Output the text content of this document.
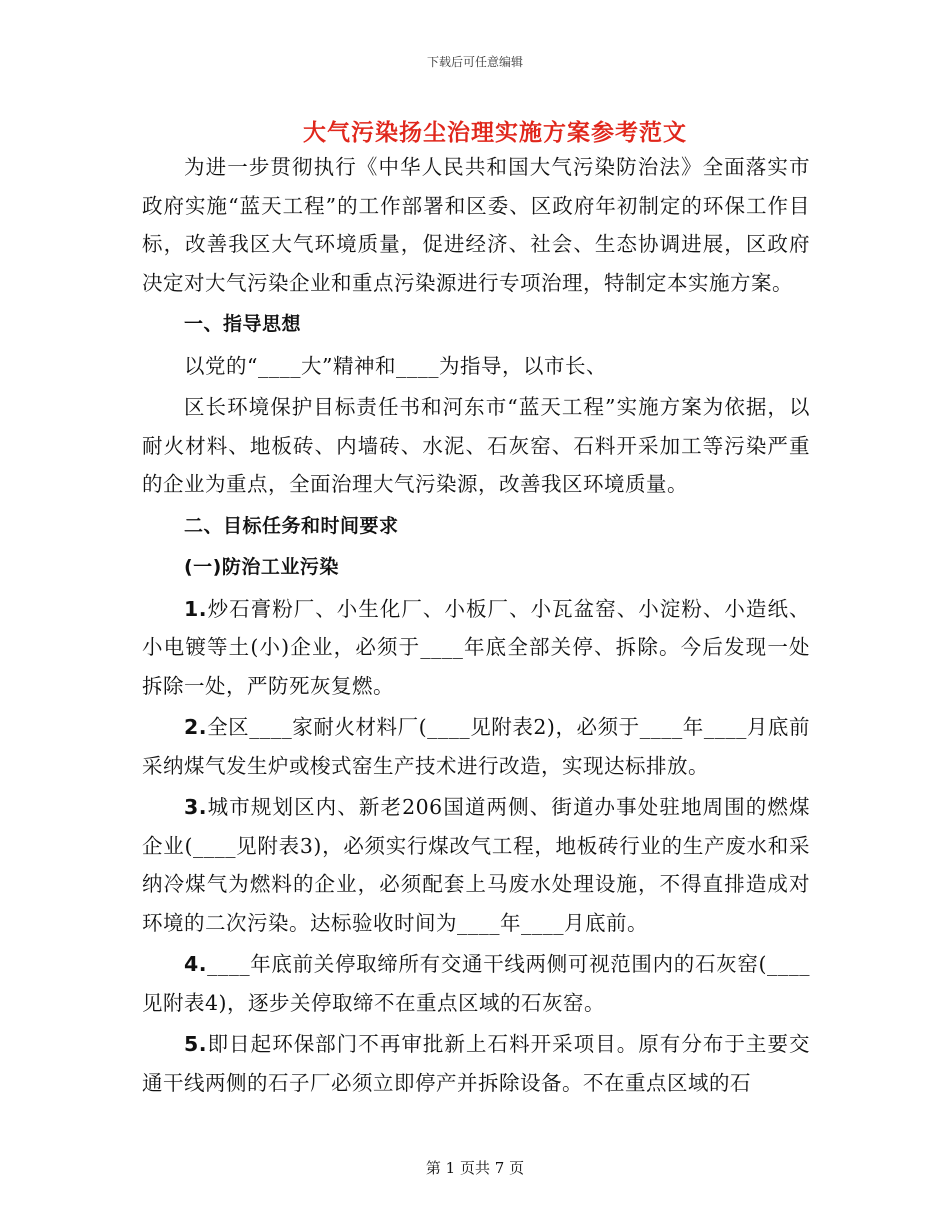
下载后可任意编辑
大气污染扬尘治理实施方案参考范文

为进一步贯彻执行《中华人民共和国大气污染防治法》全面落实市政府实施“蓝天工程”的工作部署和区委、区政府年初制定的环保工作目标，改善我区大气环境质量，促进经济、社会、生态协调进展，区政府决定对大气污染企业和重点污染源进行专项治理，特制定本实施方案。

一、指导思想

以党的“____大”精神和____为指导，以市长、

区长环境保护目标责任书和河东市“蓝天工程”实施方案为依据，以耐火材料、地板砖、内墙砖、水泥、石灰窑、石料开采加工等污染严重的企业为重点，全面治理大气污染源，改善我区环境质量。

二、目标任务和时间要求

(一)防治工业污染

1.炒石膏粉厂、小生化厂、小板厂、小瓦盆窑、小淀粉、小造纸、小电镀等土(小)企业，必须于____年底全部关停、拆除。今后发现一处拆除一处，严防死灰复燃。

2.全区____家耐火材料厂(____见附表2)，必须于____年____月底前采纳煤气发生炉或梭式窑生产技术进行改造，实现达标排放。

3.城市规划区内、新老206国道两侧、街道办事处驻地周围的燃煤企业(____见附表3)，必须实行煤改气工程，地板砖行业的生产废水和采纳冷煤气为燃料的企业，必须配套上马废水处理设施，不得直排造成对环境的二次污染。达标验收时间为____年____月底前。

4.____年底前关停取缔所有交通干线两侧可视范围内的石灰窑(____见附表4)，逐步关停取缔不在重点区域的石灰窑。

5.即日起环保部门不再审批新上石料开采项目。原有分布于主要交通干线两侧的石子厂必须立即停产并拆除设备。不在重点区域的石

第 1 页共 7 页
